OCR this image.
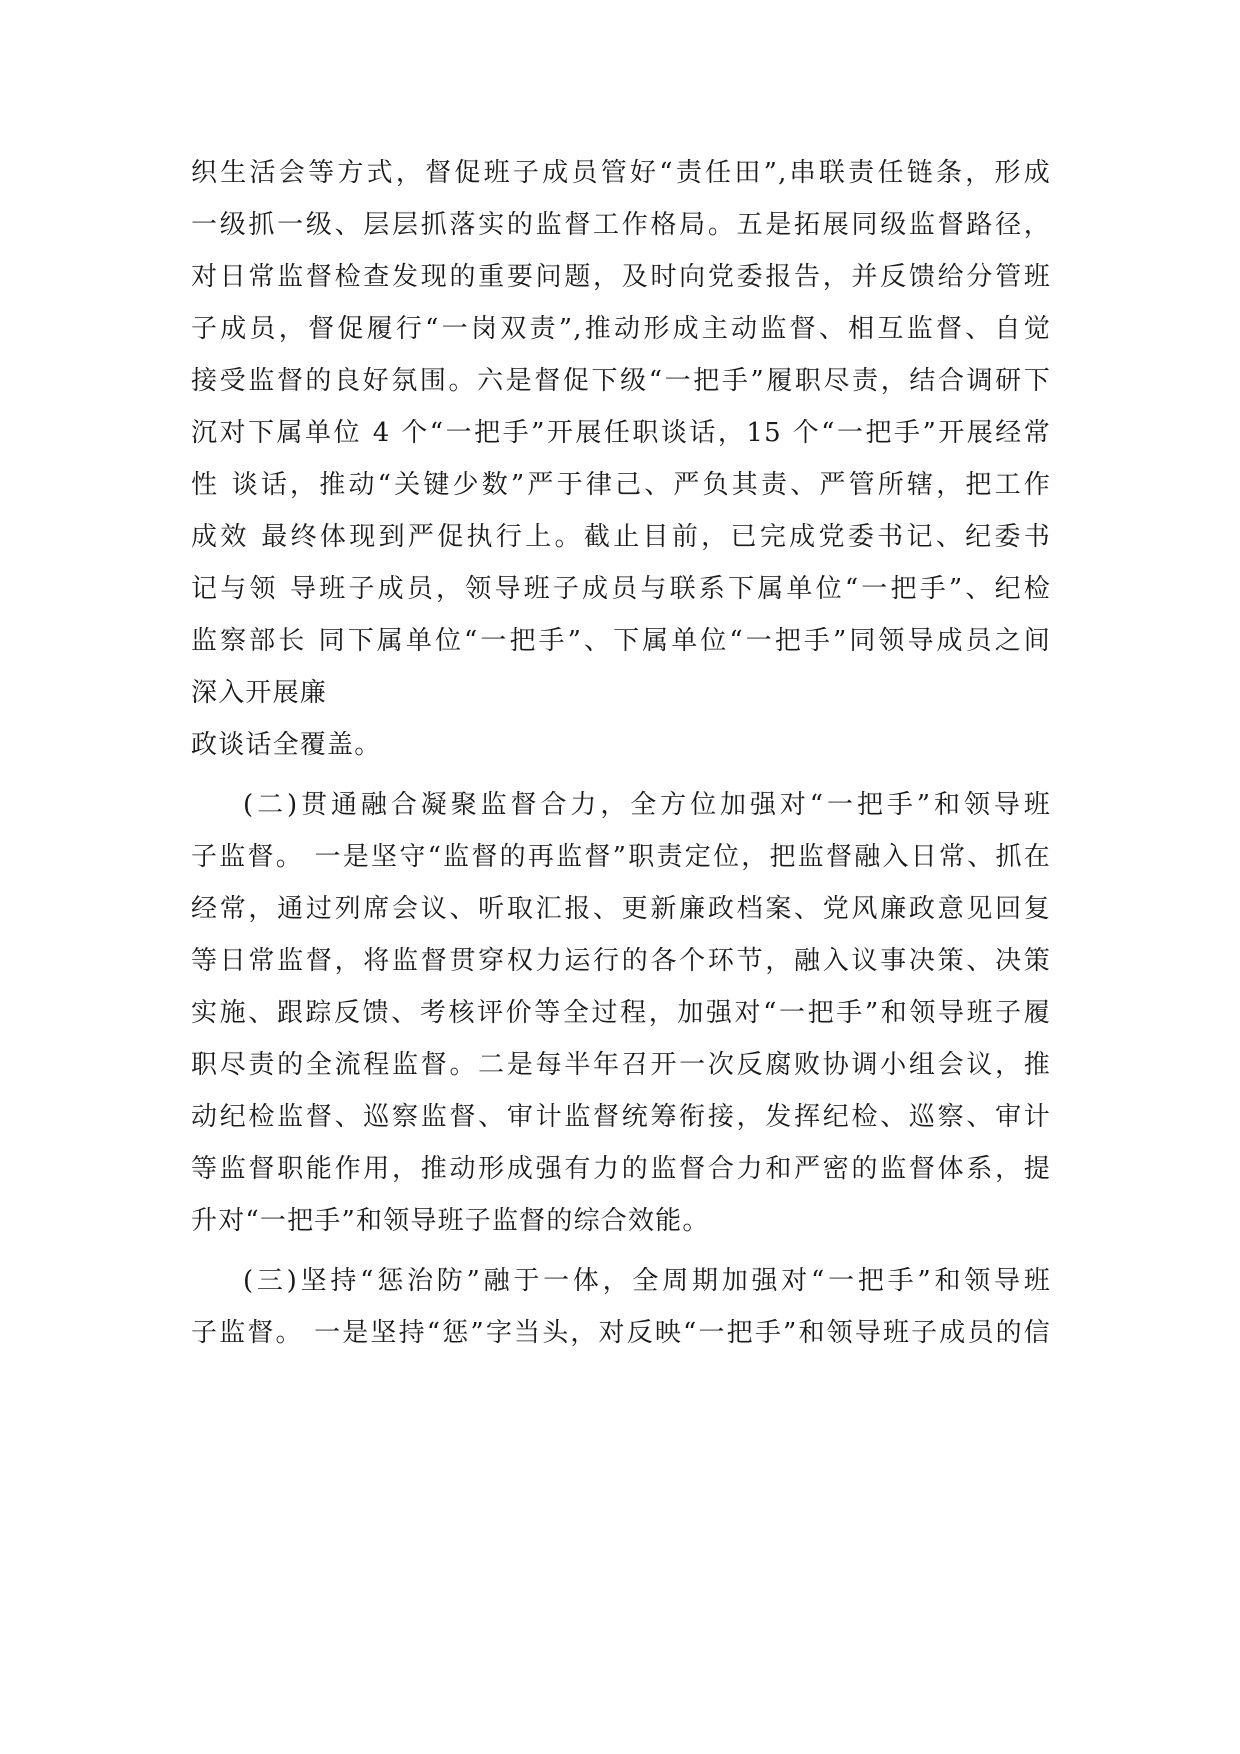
织生活会等方式，督促班子成员管好“责任田”,串联责任链条，形成
一级抓一级、层层抓落实的监督工作格局。五是拓展同级监督路径，
对日常监督检查发现的重要问题，及时向党委报告，并反馈给分管班
子成员，督促履行“一岗双责”,推动形成主动监督、相互监督、自觉
接受监督的良好氛围。六是督促下级“一把手”履职尽责，结合调研下
沉对下属单位 4 个“一把手”开展任职谈话，15 个“一把手”开展经常
性 谈话，推动“关键少数”严于律己、严负其责、严管所辖，把工作
成效 最终体现到严促执行上。截止目前，已完成党委书记、纪委书
记与领 导班子成员，领导班子成员与联系下属单位“一把手”、纪检
监察部长 同下属单位“一把手”、下属单位“一把手”同领导成员之间
深入开展廉
政谈话全覆盖。
(二)贯通融合凝聚监督合力，全方位加强对“一把手”和领导班
子监督。 一是坚守“监督的再监督”职责定位，把监督融入日常、抓在
经常，通过列席会议、听取汇报、更新廉政档案、党风廉政意见回复
等日常监督，将监督贯穿权力运行的各个环节，融入议事决策、决策
实施、跟踪反馈、考核评价等全过程，加强对“一把手”和领导班子履
职尽责的全流程监督。二是每半年召开一次反腐败协调小组会议，推
动纪检监督、巡察监督、审计监督统筹衔接，发挥纪检、巡察、审计
等监督职能作用，推动形成强有力的监督合力和严密的监督体系，提
升对“一把手”和领导班子监督的综合效能。
(三)坚持“惩治防”融于一体，全周期加强对“一把手”和领导班
子监督。 一是坚持“惩”字当头，对反映“一把手”和领导班子成员的信
